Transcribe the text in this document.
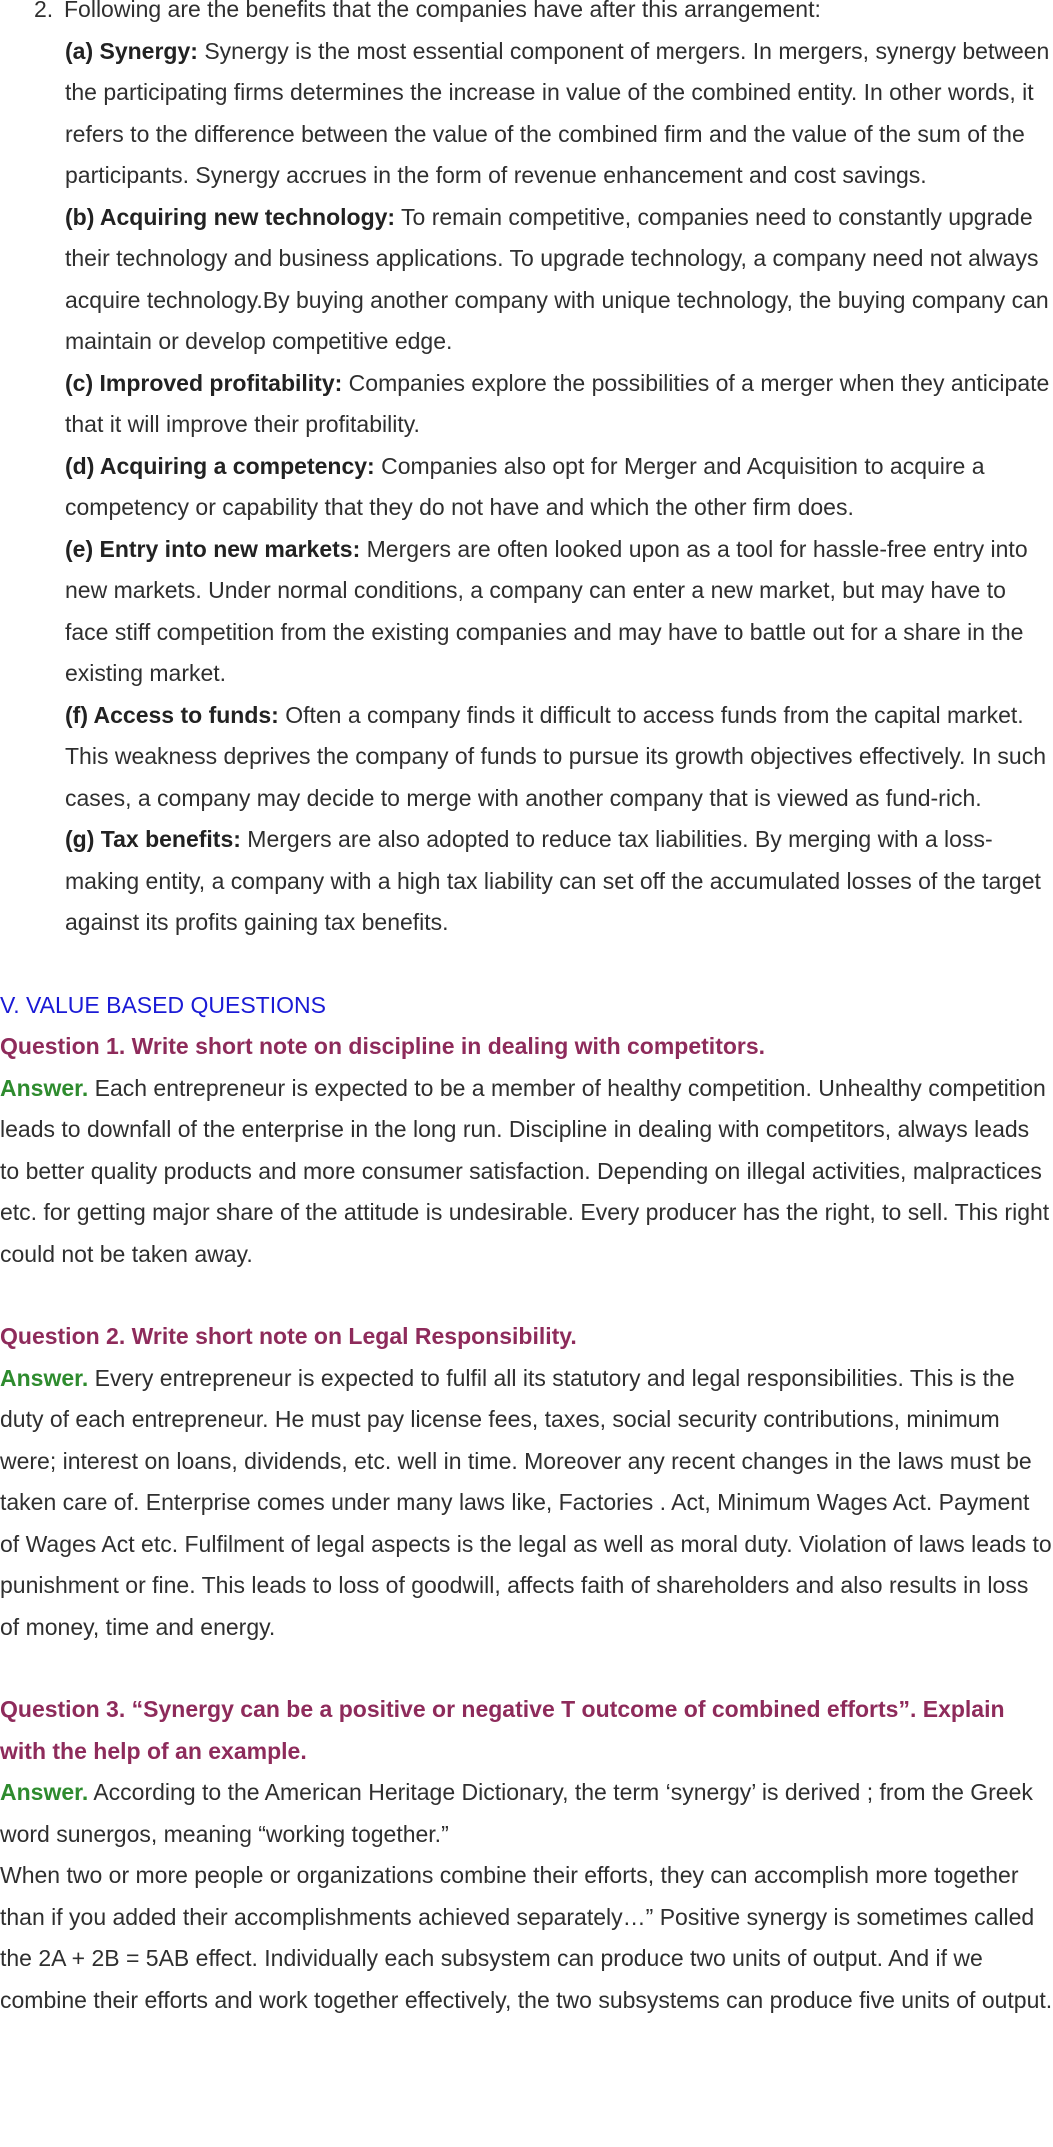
2. Following are the benefits that the companies have after this arrangement:

(a) Synergy: Synergy is the most essential component of mergers. In mergers, synergy between the participating firms determines the increase in value of the combined entity. In other words, it refers to the difference between the value of the combined firm and the value of the sum of the participants. Synergy accrues in the form of revenue enhancement and cost savings.

(b) Acquiring new technology: To remain competitive, companies need to constantly upgrade their technology and business applications. To upgrade technology, a company need not always acquire technology.By buying another company with unique technology, the buying company can maintain or develop competitive edge.

(c) Improved profitability: Companies explore the possibilities of a merger when they anticipate that it will improve their profitability.

(d) Acquiring a competency: Companies also opt for Merger and Acquisition to acquire a competency or capability that they do not have and which the other firm does.

(e) Entry into new markets: Mergers are often looked upon as a tool for hassle-free entry into new markets. Under normal conditions, a company can enter a new market, but may have to face stiff competition from the existing companies and may have to battle out for a share in the existing market.

(f) Access to funds: Often a company finds it difficult to access funds from the capital market. This weakness deprives the company of funds to pursue its growth objectives effectively. In such cases, a company may decide to merge with another company that is viewed as fund-rich.

(g) Tax benefits: Mergers are also adopted to reduce tax liabilities. By merging with a loss-making entity, a company with a high tax liability can set off the accumulated losses of the target against its profits gaining tax benefits.

V. VALUE BASED QUESTIONS

Question 1. Write short note on discipline in dealing with competitors.

Answer. Each entrepreneur is expected to be a member of healthy competition. Unhealthy competition leads to downfall of the enterprise in the long run. Discipline in dealing with competitors, always leads to better quality products and more consumer satisfaction. Depending on illegal activities, malpractices etc. for getting major share of the attitude is undesirable. Every producer has the right, to sell. This right could not be taken away.

Question 2. Write short note on Legal Responsibility.

Answer. Every entrepreneur is expected to fulfil all its statutory and legal responsibilities. This is the duty of each entrepreneur. He must pay license fees, taxes, social security contributions, minimum were; interest on loans, dividends, etc. well in time. Moreover any recent changes in the laws must be taken care of. Enterprise comes under many laws like, Factories . Act, Minimum Wages Act. Payment of Wages Act etc. Fulfilment of legal aspects is the legal as well as moral duty. Violation of laws leads to punishment or fine. This leads to loss of goodwill, affects faith of shareholders and also results in loss of money, time and energy.

Question 3. “Synergy can be a positive or negative T outcome of combined efforts”. Explain with the help of an example.

Answer. According to the American Heritage Dictionary, the term ‘synergy’ is derived ; from the Greek word sunergos, meaning “working together.”

When two or more people or organizations combine their efforts, they can accomplish more together than if you added their accomplishments achieved separately…” Positive synergy is sometimes called the 2A + 2B = 5AB effect. Individually each subsystem can produce two units of output. And if we combine their efforts and work together effectively, the two subsystems can produce five units of output.
